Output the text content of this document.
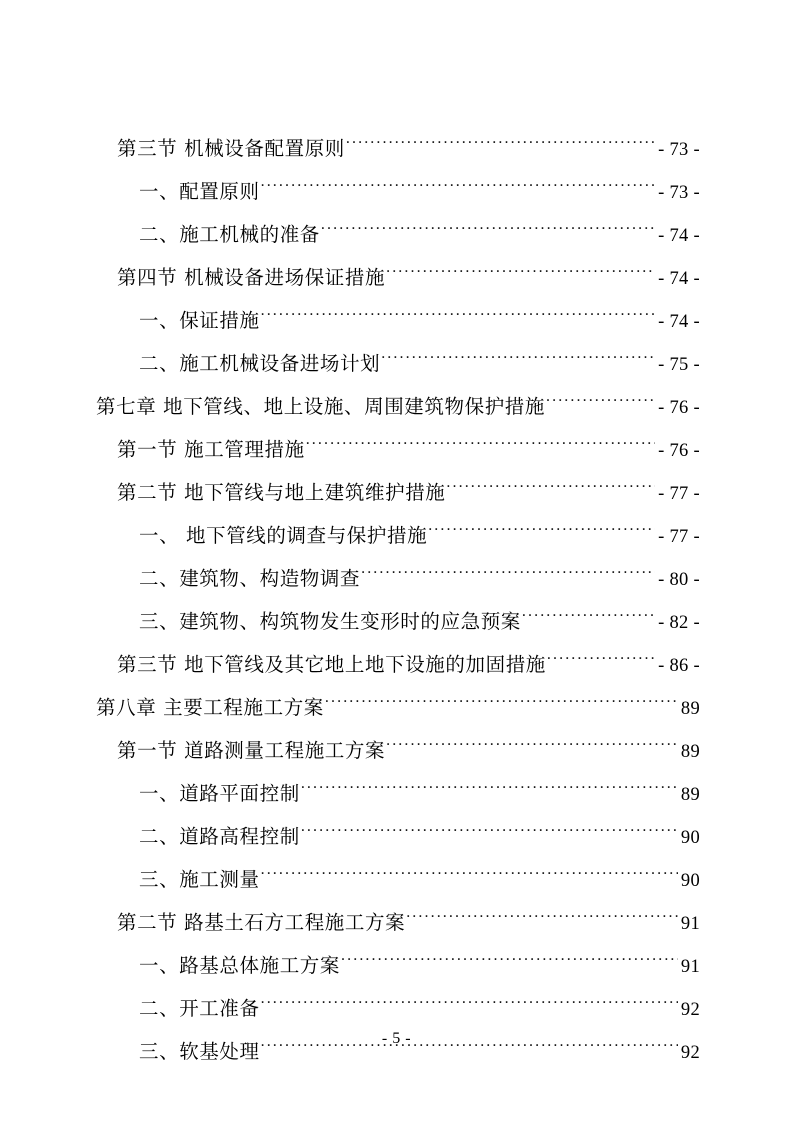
第三节 机械设备配置原则 .....	- 73 -
一、配置原则 .....	- 73 -
二、施工机械的准备 .....	- 74 -
第四节 机械设备进场保证措施 .....	- 74 -
一、保证措施 .....	- 74 -
二、施工机械设备进场计划 .....	- 75 -
第七章 地下管线、地上设施、周围建筑物保护措施 .....	- 76 -
第一节 施工管理措施 .....	- 76 -
第二节 地下管线与地上建筑维护措施 .....	- 77 -
一、 地下管线的调查与保护措施 .....	- 77 -
二、建筑物、构造物调查 .....	- 80 -
三、建筑物、构筑物发生变形时的应急预案 .....	- 82 -
第三节 地下管线及其它地上地下设施的加固措施 .....	- 86 -
第八章 主要工程施工方案 .....	89
第一节 道路测量工程施工方案 .....	89
一、道路平面控制 .....	89
二、道路高程控制 .....	90
三、施工测量 .....	90
第二节 路基土石方工程施工方案 .....	91
一、路基总体施工方案 .....	91
二、开工准备 .....	92
三、软基处理 .....	92
- 5 -
